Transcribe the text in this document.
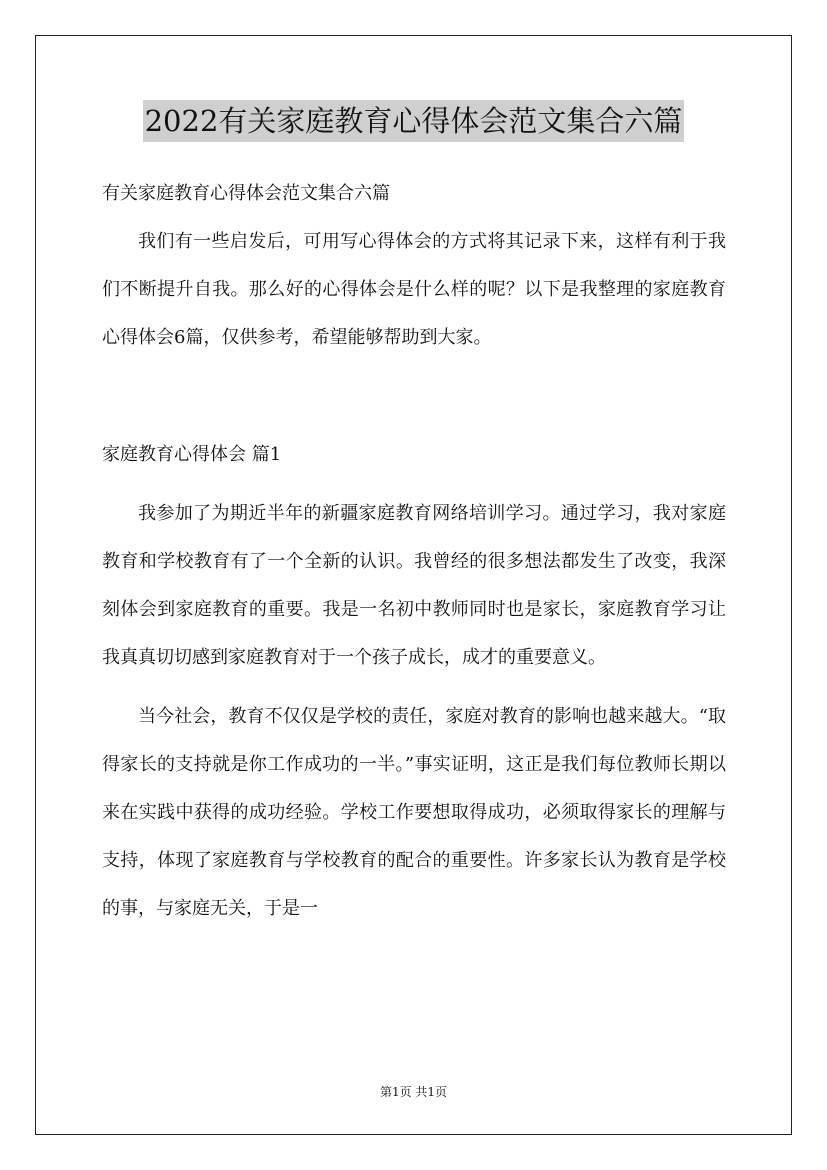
2022有关家庭教育心得体会范文集合六篇
有关家庭教育心得体会范文集合六篇

我们有一些启发后，可用写心得体会的方式将其记录下来，这样有利于我们不断提升自我。那么好的心得体会是什么样的呢？以下是我整理的家庭教育心得体会6篇，仅供参考，希望能够帮助到大家。

家庭教育心得体会 篇1

我参加了为期近半年的新疆家庭教育网络培训学习。通过学习，我对家庭教育和学校教育有了一个全新的认识。我曾经的很多想法都发生了改变，我深刻体会到家庭教育的重要。我是一名初中教师同时也是家长，家庭教育学习让我真真切切感到家庭教育对于一个孩子成长，成才的重要意义。

当今社会，教育不仅仅是学校的责任，家庭对教育的影响也越来越大。“取得家长的支持就是你工作成功的一半。”事实证明，这正是我们每位教师长期以来在实践中获得的成功经验。学校工作要想取得成功，必须取得家长的理解与支持，体现了家庭教育与学校教育的配合的重要性。许多家长认为教育是学校的事，与家庭无关，于是一

第1页 共1页
